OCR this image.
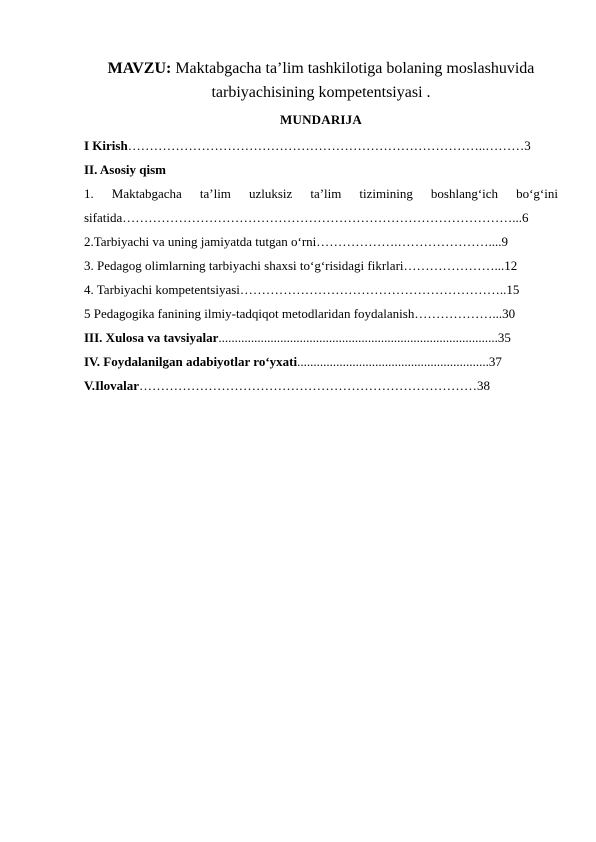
MAVZU: Maktabgacha ta’lim tashkilotiga bolaning moslashuvida
tarbiyachisining kompetentsiyasi .
MUNDARIJA
I Kirish………………………………………………………………………..………3
II. Asosiy qism
1. Maktabgacha ta’lim uzluksiz ta’lim tizimining boshlang‘ich bo‘g‘ini
sifatida………………………………………………………………………………...6
2.Tarbiyachi va uning jamiyatda tutgan o‘rni……………….…………………....9
3. Pedagog olimlarning tarbiyachi shaxsi to‘g‘risidagi fikrlari…………………...12
4. Tarbiyachi kompetentsiyasi……………………………………………………..15
5 Pedagogika fanining ilmiy-tadqiqot metodlaridan foydalanish………………...30
III. Xulosa va tavsiyalar......................................................................................35
IV. Foydalanilgan adabiyotlar ro‘yxati...........................................................37
V.Ilovalar……………………………………………………………………38
